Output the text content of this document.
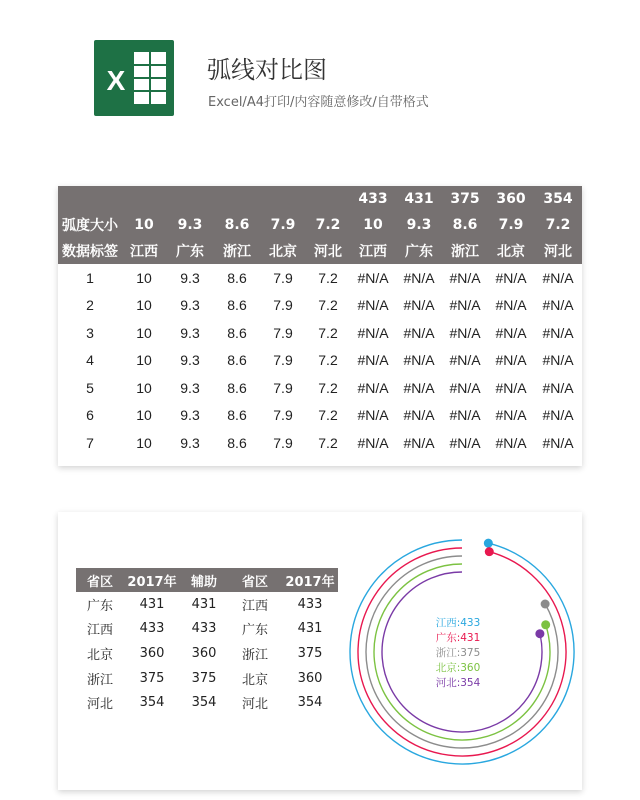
X	弧线对比图
Excel/A4打印/内容随意修改/自带格式
						433	431	375	360	354
弧度大小	10	9.3	8.6	7.9	7.2	10	9.3	8.6	7.9	7.2
数据标签	江西	广东	浙江	北京	河北	江西	广东	浙江	北京	河北
1	10	9.3	8.6	7.9	7.2	#N/A	#N/A	#N/A	#N/A	#N/A
2	10	9.3	8.6	7.9	7.2	#N/A	#N/A	#N/A	#N/A	#N/A
3	10	9.3	8.6	7.9	7.2	#N/A	#N/A	#N/A	#N/A	#N/A
4	10	9.3	8.6	7.9	7.2	#N/A	#N/A	#N/A	#N/A	#N/A
5	10	9.3	8.6	7.9	7.2	#N/A	#N/A	#N/A	#N/A	#N/A
6	10	9.3	8.6	7.9	7.2	#N/A	#N/A	#N/A	#N/A	#N/A
7	10	9.3	8.6	7.9	7.2	#N/A	#N/A	#N/A	#N/A	#N/A
省区	2017年	辅助	省区	2017年
广东	431	431	江西	433
江西	433	433	广东	431
北京	360	360	浙江	375
浙江	375	375	北京	360
河北	354	354	河北	354
江西:433
广东:431
浙江:375
北京:360
河北:354
